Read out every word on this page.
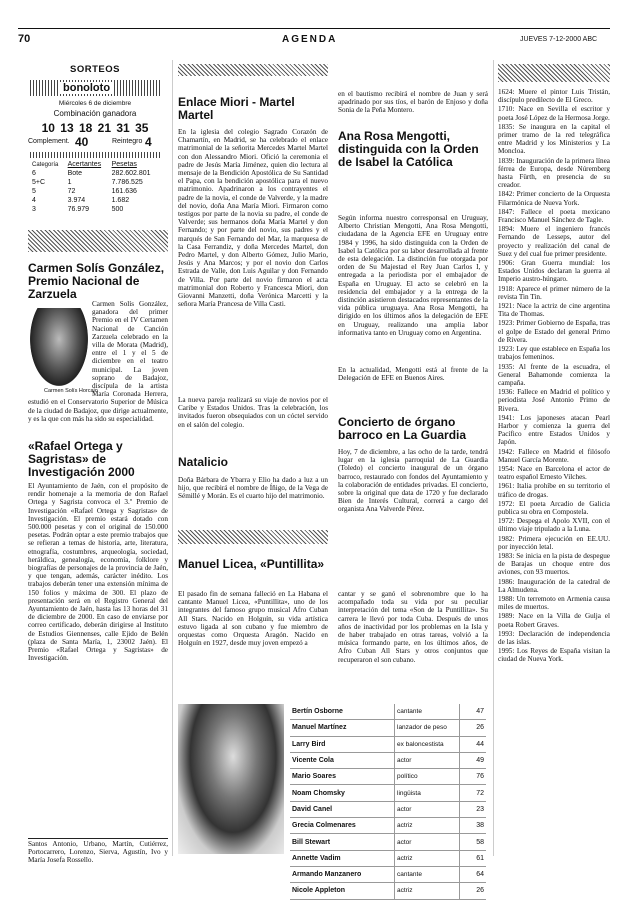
70	AGENDA	JUEVES 7-12-2000 ABC
SORTEOS
bonoloto
Miércoles 6 de diciembre
Combinación ganadora
10 13 18 21 31 35
Complement. 40	Reintegro 4
Categoría	Acertantes	Pesetas
6	Bote	282.602.801
5+C	1	7.786.525
5	72	161.636
4	3.974	1.682
3	76.979	500
Carmen Solís González, Premio Nacional de Zarzuela
Carmen Solís Horcajo
Carmen Solís González, ganadora del primer Premio en el IV Certamen Nacional de Canción Zarzuela celebrado en la villa de Morata (Madrid), entre el 1 y el 5 de diciembre en el teatro municipal. La joven soprano de Badajoz, discípula de la artista María Coronada Herrera, estudió en el Conservatorio Superior de Música de la ciudad de Badajoz, que dirige actualmente, y es la que con más ha sido su especialidad.
«Rafael Ortega y Sagristas» de Investigación 2000
El Ayuntamiento de Jaén, con el propósito de rendir homenaje a la memoria de don Rafael Ortega y Sagrista convoca el 3.º Premio de Investigación «Rafael Ortega y Sagristas» de Investigación. El premio estará dotado con 500.000 pesetas y con el original de 150.000 pesetas. Podrán optar a este premio trabajos que se refieran a temas de historia, arte, literatura, etnografía, costumbres, arqueología, sociedad, heráldica, genealogía, economía, folklore y biografías de personajes de la provincia de Jaén, y que tengan, además, carácter inédito. Los trabajos deberán tener una extensión mínima de 150 folios y máxima de 300. El plazo de presentación será en el Registro General del Ayuntamiento de Jaén, hasta las 13 horas del 31 de diciembre de 2000. En caso de enviarse por correo certificado, deberán dirigirse al Instituto de Estudios Giennenses, calle Ejido de Belén (plaza de Santa María, 1, 23002 Jaén). El Premio «Rafael Ortega y Sagristas» de Investigación.
Santos Antonio, Urbano, Martín, Cutiérrez, Portocarrero, Lorenzo, Sierva, Agustín, Ivo y María Josefa Rossello.
Enlace Miori - Martel Martel
En la iglesia del colegio Sagrado Corazón de Chamartín, en Madrid, se ha celebrado el enlace matrimonial de la señorita Mercedes Martel Martel con don Alessandro Miori. Ofició la ceremonia el padre de Jesús María Jiménez, quien dio lectura al mensaje de la Bendición Apostólica de Su Santidad el Papa, con la bendición apostólica para el nuevo matrimonio. Apadrinaron a los contrayentes el padre de la novia, el conde de Valverde, y la madre del novio, doña Ana María Miori. Firmaron como testigos por parte de la novia su padre, el conde de Valverde; sus hermanos doña María Martel y don Fernando; y por parte del novio, sus padres y el marqués de San Fernando del Mar, la marquesa de la Casa Ferrandiz, y doña Mercedes Martel, don Pedro Martel, y don Alberto Gómez, Julio Mario, Jesús y Ana Marcos; y por el novio don Carlos Estrada de Valle, don Luis Aguilar y don Fernando de Villa. Por parte del novio firmaron el acta matrimonial don Roberto y Francesca Miori, don Giovanni Manzetti, doña Verónica Marcetti y la señora María Prancesa de Villa Casti.
La nueva pareja realizará su viaje de novios por el Caribe y Estados Unidos. Tras la celebración, los invitados fueron obsequiados con un cóctel servido en el salón del colegio.
Natalicio
Doña Bárbara de Ybarra y Elio ha dado a luz a un hijo, que recibirá el nombre de Íñigo, de la Vega de Sémillé y Morán. Es el cuarto hijo del matrimonio.
Manuel Licea, «Puntillita»
El pasado fin de semana falleció en La Habana el cantante Manuel Licea, «Puntillita», uno de los integrantes del famoso grupo musical Afro Cuban All Stars. Nacido en Holguín, su vida artística estuvo ligada al son cubano y fue miembro de orquestas como Orquesta Aragón. Nacido en Holguín en 1927, desde muy joven empezó a
en el bautismo recibirá el nombre de Juan y será apadrinado por sus tíos, el barón de Enjoso y doña Sonia de la Peña Montero.
Ana Rosa Mengotti, distinguida con la Orden de Isabel la Católica
Según informa nuestro corresponsal en Uruguay, Alberto Christian Mengotti, Ana Rosa Mengotti, ciudadana de la Agencia EFE en Uruguay entre 1984 y 1996, ha sido distinguida con la Orden de Isabel la Católica por su labor desarrollada al frente de esta delegación. La distinción fue otorgada por orden de Su Majestad el Rey Juan Carlos I, y entregada a la periodista por el embajador de España en Uruguay. El acto se celebró en la residencia del embajador y a la entrega de la distinción asistieron destacados representantes de la vida pública uruguaya. Ana Rosa Mengotti, ha dirigido en los últimos años la delegación de EFE en Uruguay, realizando una amplia labor informativa tanto en Uruguay como en Argentina.
En la actualidad, Mengotti está al frente de la Delegación de EFE en Buenos Aires.
Concierto de órgano barroco en La Guardia
Hoy, 7 de diciembre, a las ocho de la tarde, tendrá lugar en la iglesia parroquial de La Guardia (Toledo) el concierto inaugural de un órgano barroco, restaurado con fondos del Ayuntamiento y la colaboración de entidades privadas. El concierto, sobre la original que data de 1720 y fue declarado Bien de Interés Cultural, correrá a cargo del organista Ana Valverde Pérez.
cantar y se ganó el sobrenombre que lo ha acompañado toda su vida por su peculiar interpretación del tema «Son de la Puntillita». Su carrera le llevó por toda Cuba. Después de unos años de inactividad por los problemas en la Isla y de haber trabajado en otras tareas, volvió a la música formando parte, en los últimos años, de Afro Cuban All Stars y otros conjuntos que recuperaron el son cubano.
Bertín Osborne	cantante	47
Manuel Martínez	lanzador de peso	26
Larry Bird	ex baloncestista	44
Vicente Cola	actor	49
Mario Soares	político	76
Noam Chomsky	lingüista	72
David Canel	actor	23
Grecia Colmenares	actriz	38
Bill Stewart	actor	58
Annette Vadim	actriz	61
Armando Manzanero	cantante	64
Nicole Appleton	actriz	26
1624: Muere el pintor Luis Tristán, discípulo predilecto de El Greco.
1710: Nace en Sevilla el escritor y poeta José López de la Hermosa Jorge.
1835: Se inaugura en la capital el primer tramo de la red telegráfica entre Madrid y los Ministerios y La Moncloa.
1839: Inauguración de la primera línea férrea de Europa, desde Núremberg hasta Fürth, en presencia de su creador.
1842: Primer concierto de la Orquesta Filarmónica de Nueva York.
1847: Fallece el poeta mexicano Francisco Manuel Sánchez de Tagle.
1894: Muere el ingeniero francés Fernando de Lesseps, autor del proyecto y realización del canal de Suez y del cual fue primer presidente.
1906: Gran Guerra mundial: los Estados Unidos declaran la guerra al Imperio austro-húngaro.
1918: Aparece el primer número de la revista Tin Tin.
1921: Nace la actriz de cine argentina Tita de Thomas.
1923: Primer Gobierno de España, tras el golpe de Estado del general Primo de Rivera.
1923: Ley que establece en España los trabajos femeninos.
1935: Al frente de la escuadra, el General Bahamonde comienza la campaña.
1936: Fallece en Madrid el político y periodista José Antonio Primo de Rivera.
1941: Los japoneses atacan Pearl Harbor y comienza la guerra del Pacífico entre Estados Unidos y Japón.
1942: Fallece en Madrid el filósofo Manuel García Morente.
1954: Nace en Barcelona el actor de teatro español Ernesto Vilches.
1961: Italia prohíbe en su territorio el tráfico de drogas.
1972: El poeta Arcadio de Galicia publica su obra en Compostela.
1972: Despega el Apolo XVII, con el último viaje tripulado a la Luna.
1982: Primera ejecución en EE.UU. por inyección letal.
1983: Se inicia en la pista de despegue de Barajas un choque entre dos aviones, con 93 muertos.
1986: Inauguración de la catedral de La Almudena.
1988: Un terremoto en Armenia causa miles de muertos.
1989: Nace en la Villa de Gulja el poeta Robert Graves.
1993: Declaración de independencia de las islas.
1995: Los Reyes de España visitan la ciudad de Nueva York.
